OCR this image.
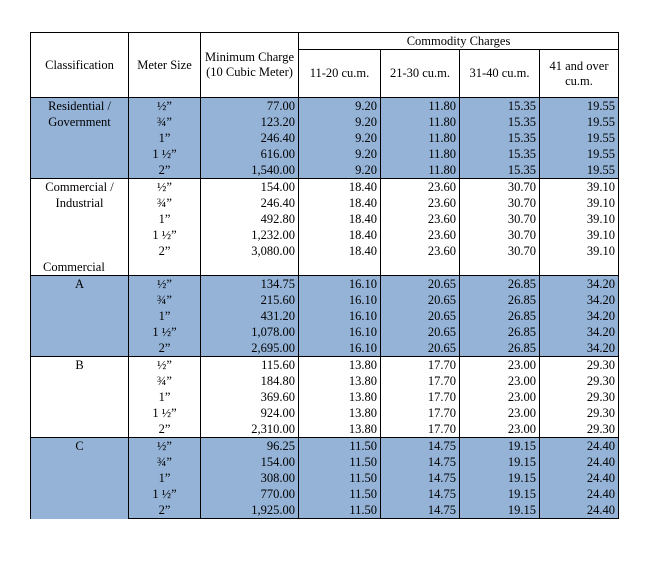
Classification	Meter Size	Minimum Charge (10 Cubic Meter)	Commodity Charges			
			11-20 cu.m.	21-30 cu.m.	31-40 cu.m.	41 and over cu.m.

Residential /
Government	½”	77.00	9.20	11.80	15.35	19.55
	¾”	123.20	9.20	11.80	15.35	19.55
	1”	246.40	9.20	11.80	15.35	19.55
	1 ½”	616.00	9.20	11.80	15.35	19.55
	2”	1,540.00	9.20	11.80	15.35	19.55

Commercial /
Industrial	½”	154.00	18.40	23.60	30.70	39.10
	¾”	246.40	18.40	23.60	30.70	39.10
	1”	492.80	18.40	23.60	30.70	39.10
	1 ½”	1,232.00	18.40	23.60	30.70	39.10
	2”	3,080.00	18.40	23.60	30.70	39.10
Commercial						

A	½”	134.75	16.10	20.65	26.85	34.20
	¾”	215.60	16.10	20.65	26.85	34.20
	1”	431.20	16.10	20.65	26.85	34.20
	1 ½”	1,078.00	16.10	20.65	26.85	34.20
	2”	2,695.00	16.10	20.65	26.85	34.20

B	½”	115.60	13.80	17.70	23.00	29.30
	¾”	184.80	13.80	17.70	23.00	29.30
	1”	369.60	13.80	17.70	23.00	29.30
	1 ½”	924.00	13.80	17.70	23.00	29.30
	2”	2,310.00	13.80	17.70	23.00	29.30

C	½”	96.25	11.50	14.75	19.15	24.40
	¾”	154.00	11.50	14.75	19.15	24.40
	1”	308.00	11.50	14.75	19.15	24.40
	1 ½”	770.00	11.50	14.75	19.15	24.40
	2”	1,925.00	11.50	14.75	19.15	24.40
